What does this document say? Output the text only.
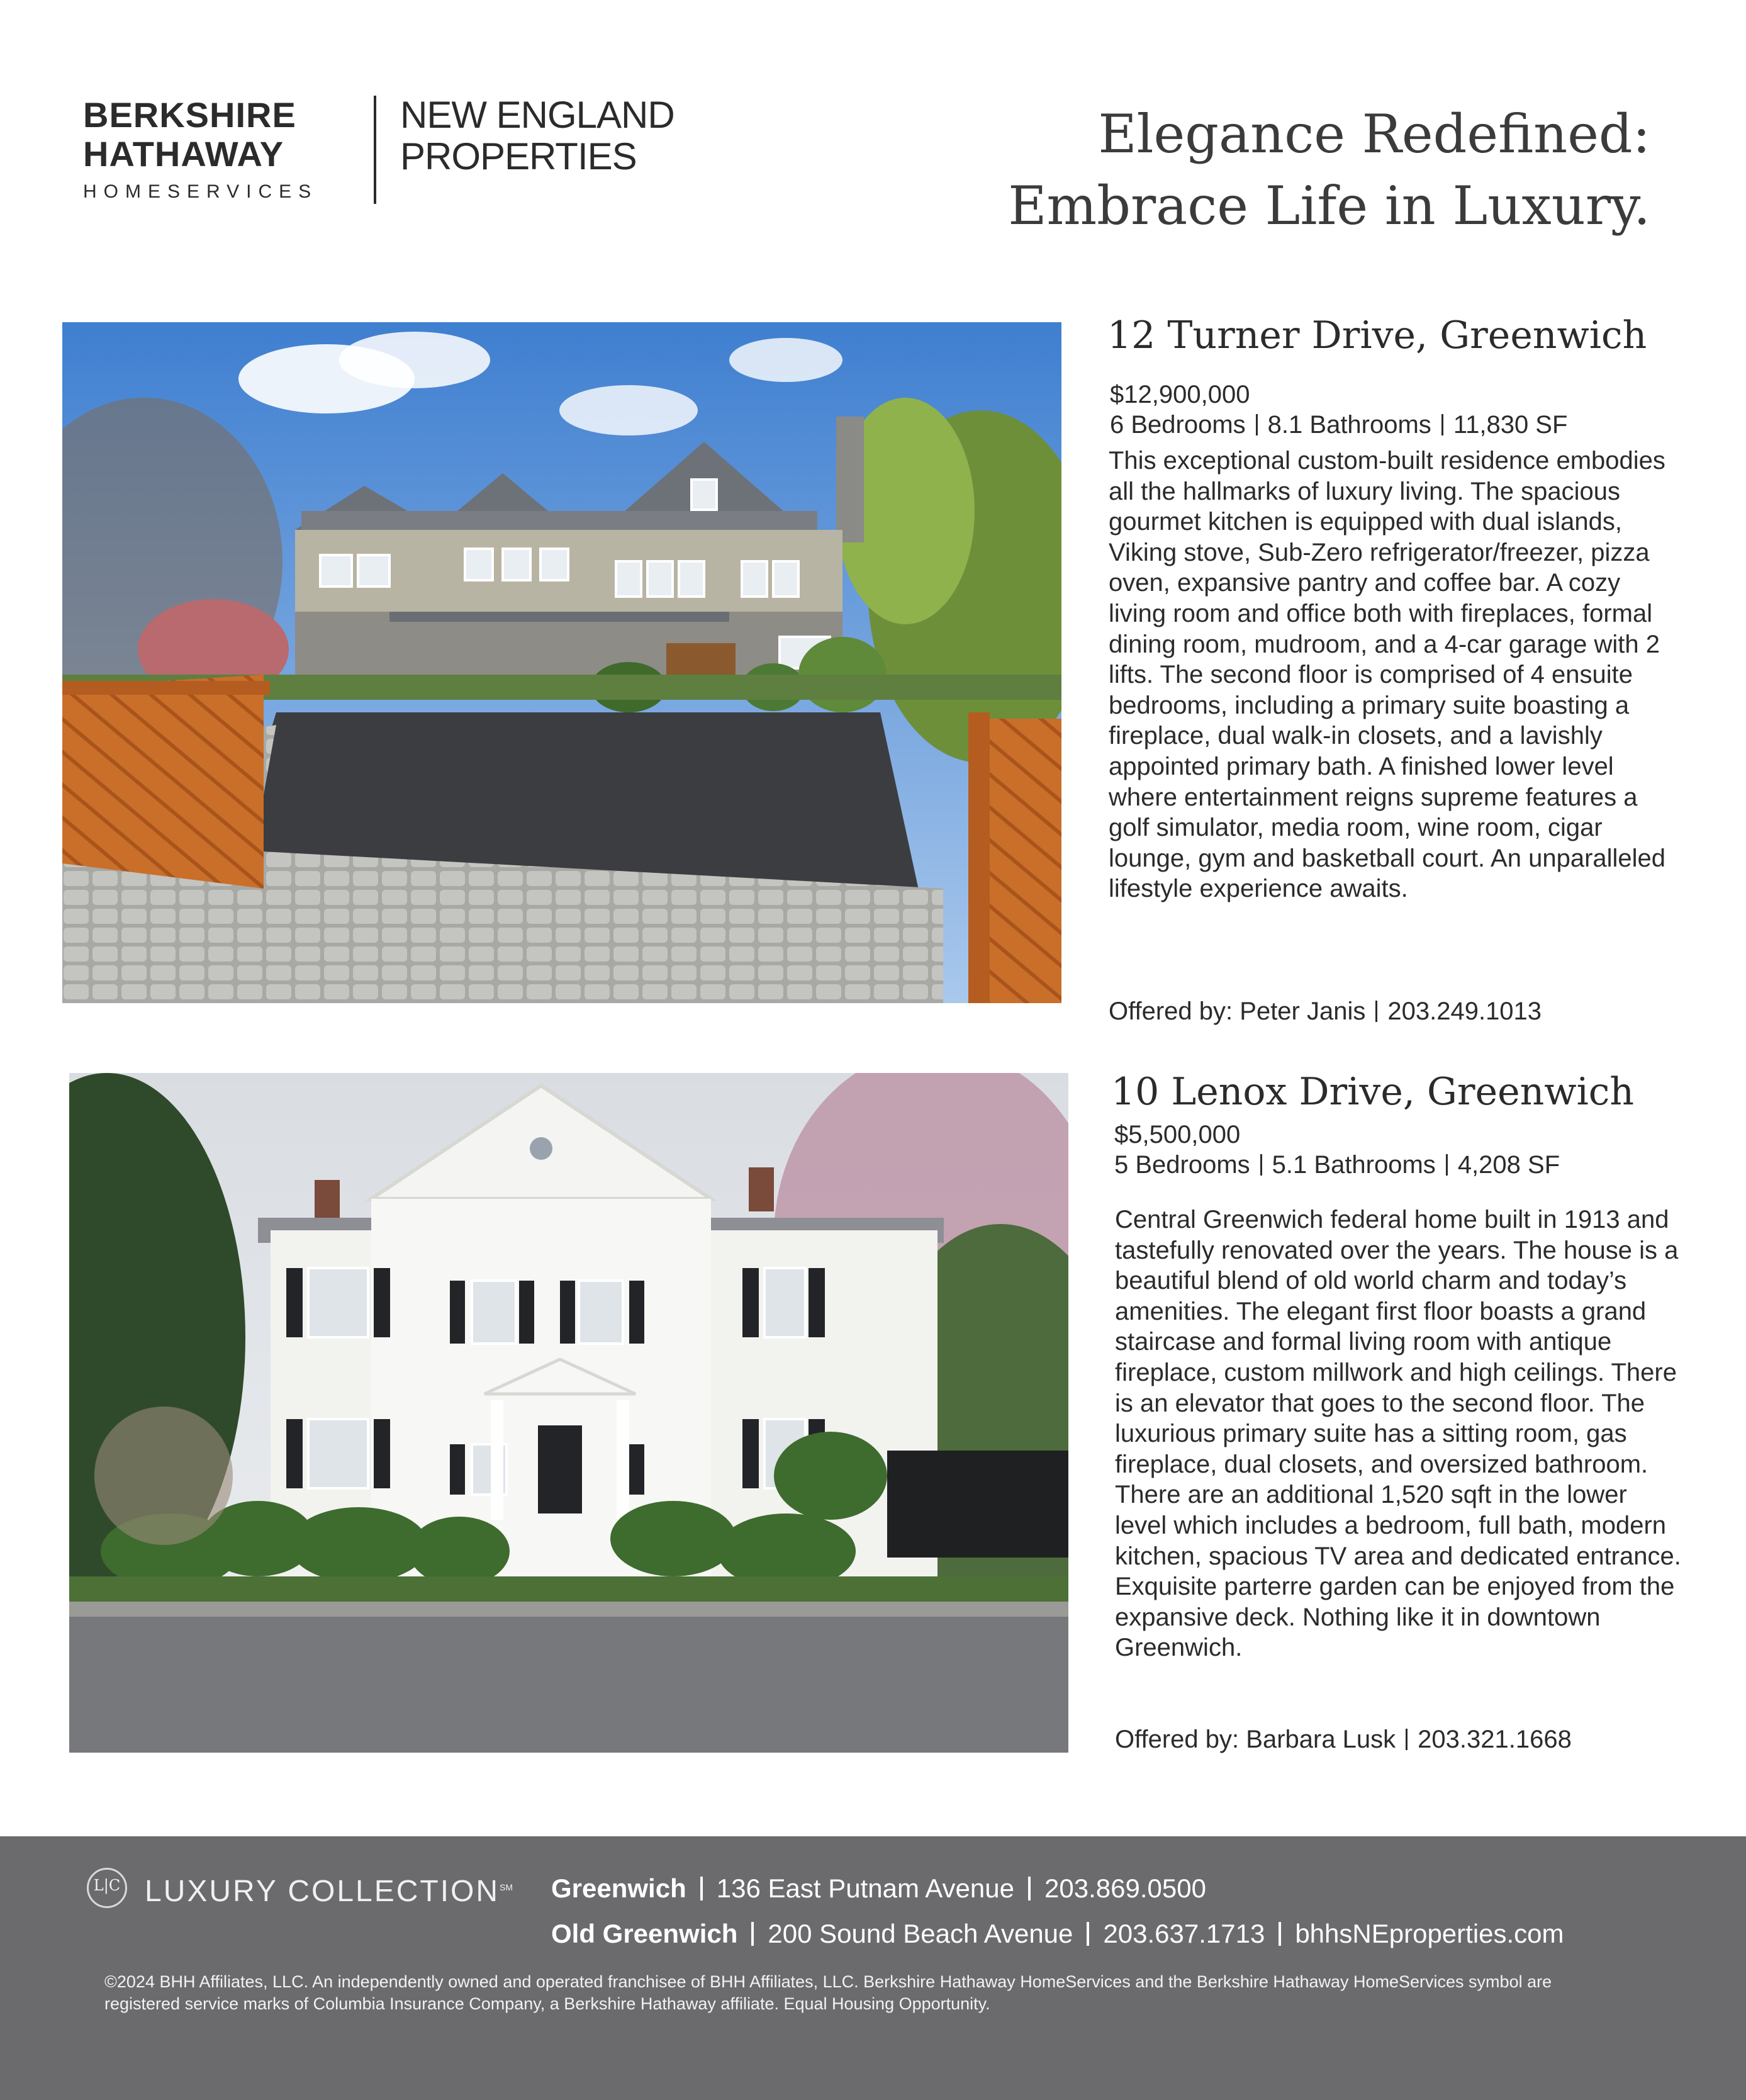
BERKSHIRE
HATHAWAY
HOMESERVICES
NEW ENGLAND
PROPERTIES	Elegance Redefined:
Embrace Life in Luxury.
12 Turner Drive, Greenwich
$12,900,000
6 Bedrooms 8.1 Bathrooms 11,830 SF
This exceptional custom-built residence embodies all the hallmarks of luxury living. The spacious gourmet kitchen is equipped with dual islands, Viking stove, Sub-Zero refrigerator/freezer, pizza oven, expansive pantry and coffee bar. A cozy living room and office both with fireplaces, formal dining room, mudroom, and a 4-car garage with 2 lifts. The second floor is comprised of 4 ensuite bedrooms, including a primary suite boasting a fireplace, dual walk-in closets, and a lavishly appointed primary bath. A finished lower level where entertainment reigns supreme features a golf simulator, media room, wine room, cigar lounge, gym and basketball court. An unparalleled lifestyle experience awaits.
Offered by: Peter Janis 203.249.1013
10 Lenox Drive, Greenwich
$5,500,000
5 Bedrooms 5.1 Bathrooms 4,208 SF
Central Greenwich federal home built in 1913 and tastefully renovated over the years. The house is a beautiful blend of old world charm and today’s amenities. The elegant first floor boasts a grand staircase and formal living room with antique fireplace, custom millwork and high ceilings. There is an elevator that goes to the second floor. The luxurious primary suite has a sitting room, gas fireplace, dual closets, and oversized bathroom. There are an additional 1,520 sqft in the lower level which includes a bedroom, full bath, modern kitchen, spacious TV area and dedicated entrance. Exquisite parterre garden can be enjoyed from the expansive deck. Nothing like it in downtown Greenwich.
Offered by: Barbara Lusk 203.321.1668
L|C LUXURY COLLECTION℠ Greenwich 136 East Putnam Avenue 203.869.0500
Old Greenwich 200 Sound Beach Avenue 203.637.1713 bhhsNEproperties.com
©2024 BHH Affiliates, LLC. An independently owned and operated franchisee of BHH Affiliates, LLC. Berkshire Hathaway HomeServices and the Berkshire Hathaway HomeServices symbol are registered service marks of Columbia Insurance Company, a Berkshire Hathaway affiliate. Equal Housing Opportunity.
